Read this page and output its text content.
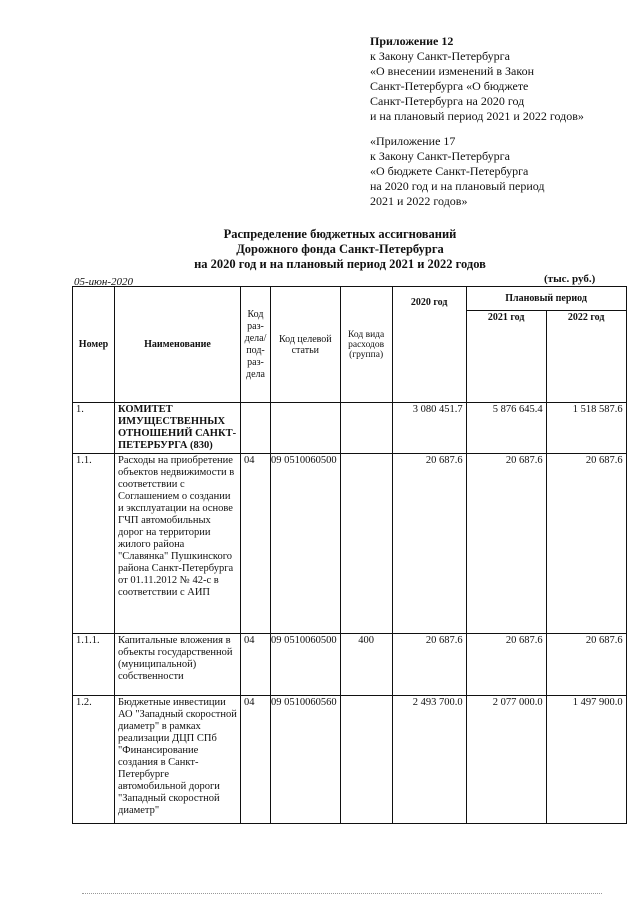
Приложение 12
к Закону Санкт-Петербурга
«О внесении изменений в Закон
Санкт-Петербурга «О бюджете
Санкт-Петербурга на 2020 год
и на плановый период 2021 и 2022 годов»
«Приложение 17
к Закону Санкт-Петербурга
«О бюджете Санкт-Петербурга
на 2020 год и на плановый период
2021 и 2022 годов»
Распределение бюджетных ассигнований
Дорожного фонда Санкт-Петербурга
на 2020 год и на плановый период 2021 и 2022 годов
05-июн-2020	(тыс. руб.)
Номер	Наименование	Код раз- дела/ под- раз- дела	Код целевой статьи	Код вида расходов (группа)	2020 год	Плановый период	
						2021 год	2022 год
1.	КОМИТЕТ ИМУЩЕСТВЕННЫХ ОТНОШЕНИЙ САНКТ-ПЕТЕРБУРГА (830)				3 080 451.7	5 876 645.4	1 518 587.6
1.1.	Расходы на приобретение объектов недвижимости в соответствии с Соглашением о создании и эксплуатации на основе ГЧП автомобильных дорог на территории жилого района "Славянка" Пушкинского района Санкт-Петербурга от 01.11.2012 № 42-с в соответствии с АИП	04	09 0510060500		20 687.6	20 687.6	20 687.6
1.1.1.	Капитальные вложения в объекты государственной (муниципальной) собственности	04	09 0510060500	400	20 687.6	20 687.6	20 687.6
1.2.	Бюджетные инвестиции АО "Западный скоростной диаметр" в рамках реализации ДЦП СПб "Финансирование создания в Санкт-Петербурге автомобильной дороги "Западный скоростной диаметр"	04	09 0510060560		2 493 700.0	2 077 000.0	1 497 900.0
